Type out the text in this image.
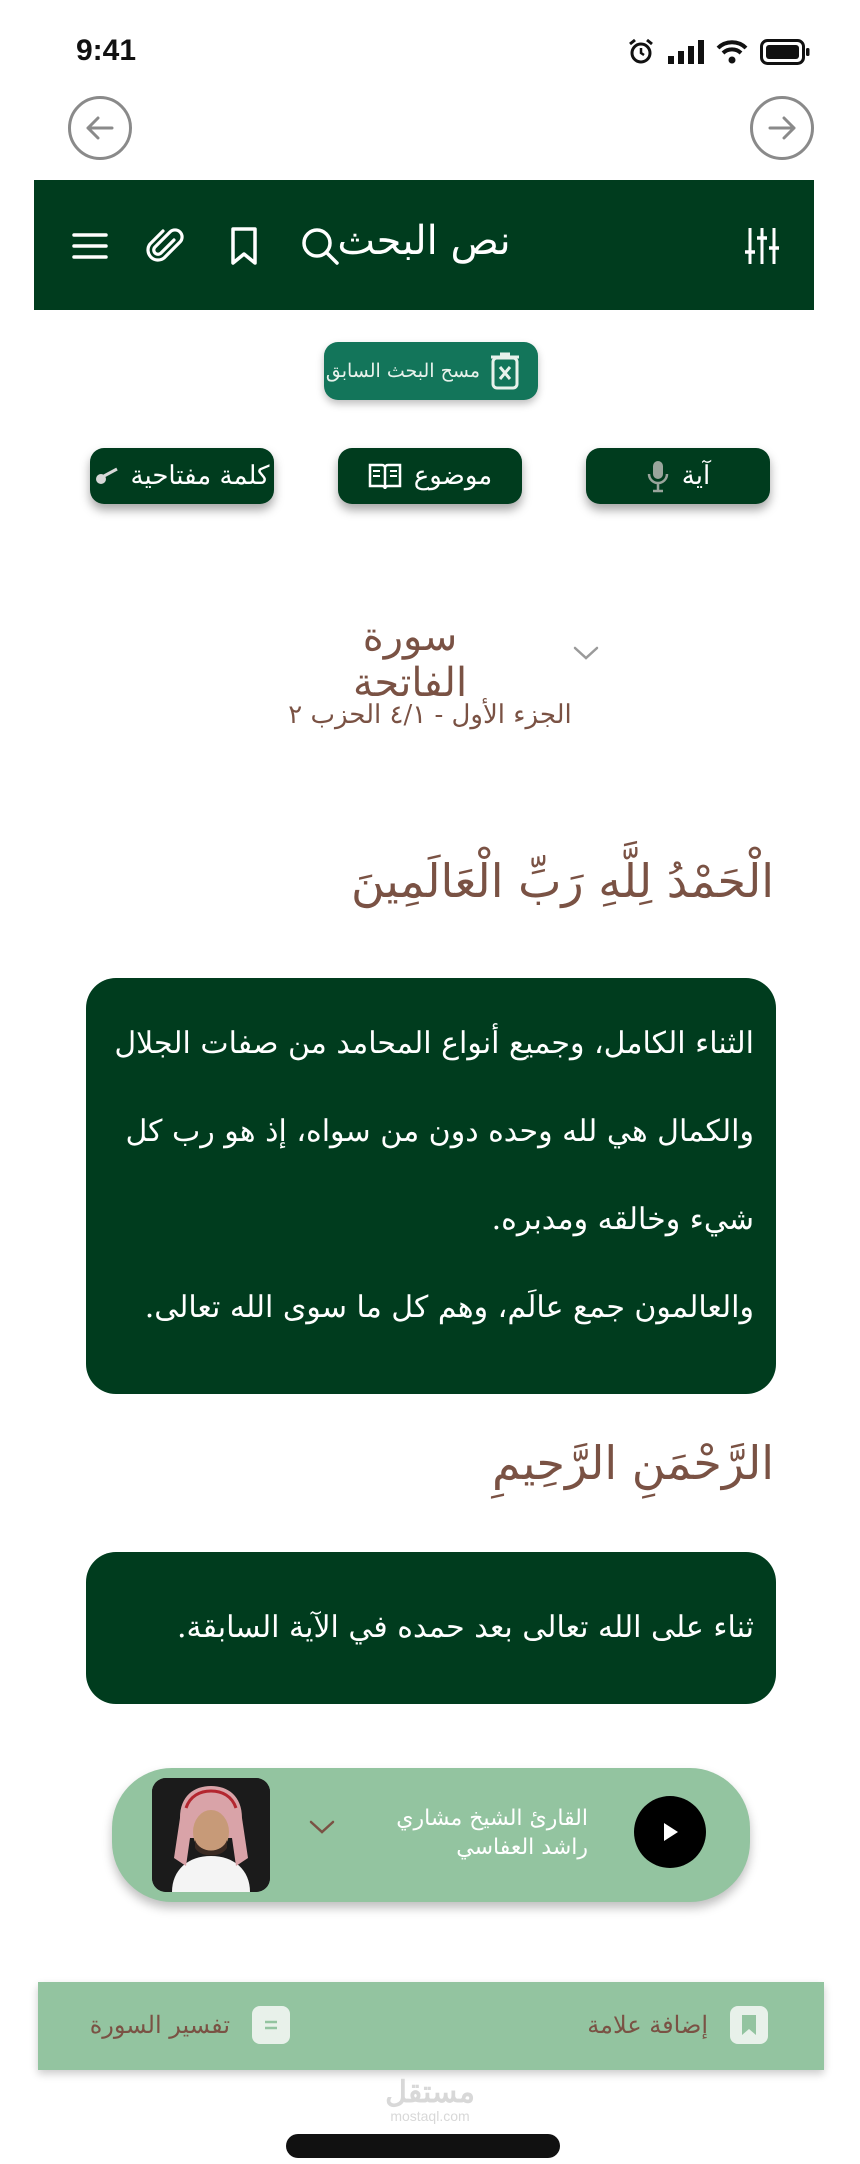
9:41
نص البحث
مسح البحث السابق
كلمة مفتاحية	موضوع	آية
سورة الفاتحة
الجزء الأول - ٤/١ الحزب ٢
الْحَمْدُ لِلَّهِ رَبِّ الْعَالَمِينَ

الثناء الكامل، وجميع أنواع المحامد من صفات الجلال

والكمال هي لله وحده دون من سواه، إذ هو رب كل

شيء وخالقه ومدبره.

والعالمون جمع عالَم، وهم كل ما سوى الله تعالى.

الرَّحْمَنِ الرَّحِيمِ

ثناء على الله تعالى بعد حمده في الآية السابقة.

القارئ الشيخ مشاري
راشد العفاسي
إضافة علامة
تفسير السورة
مستقل
mostaql.com
